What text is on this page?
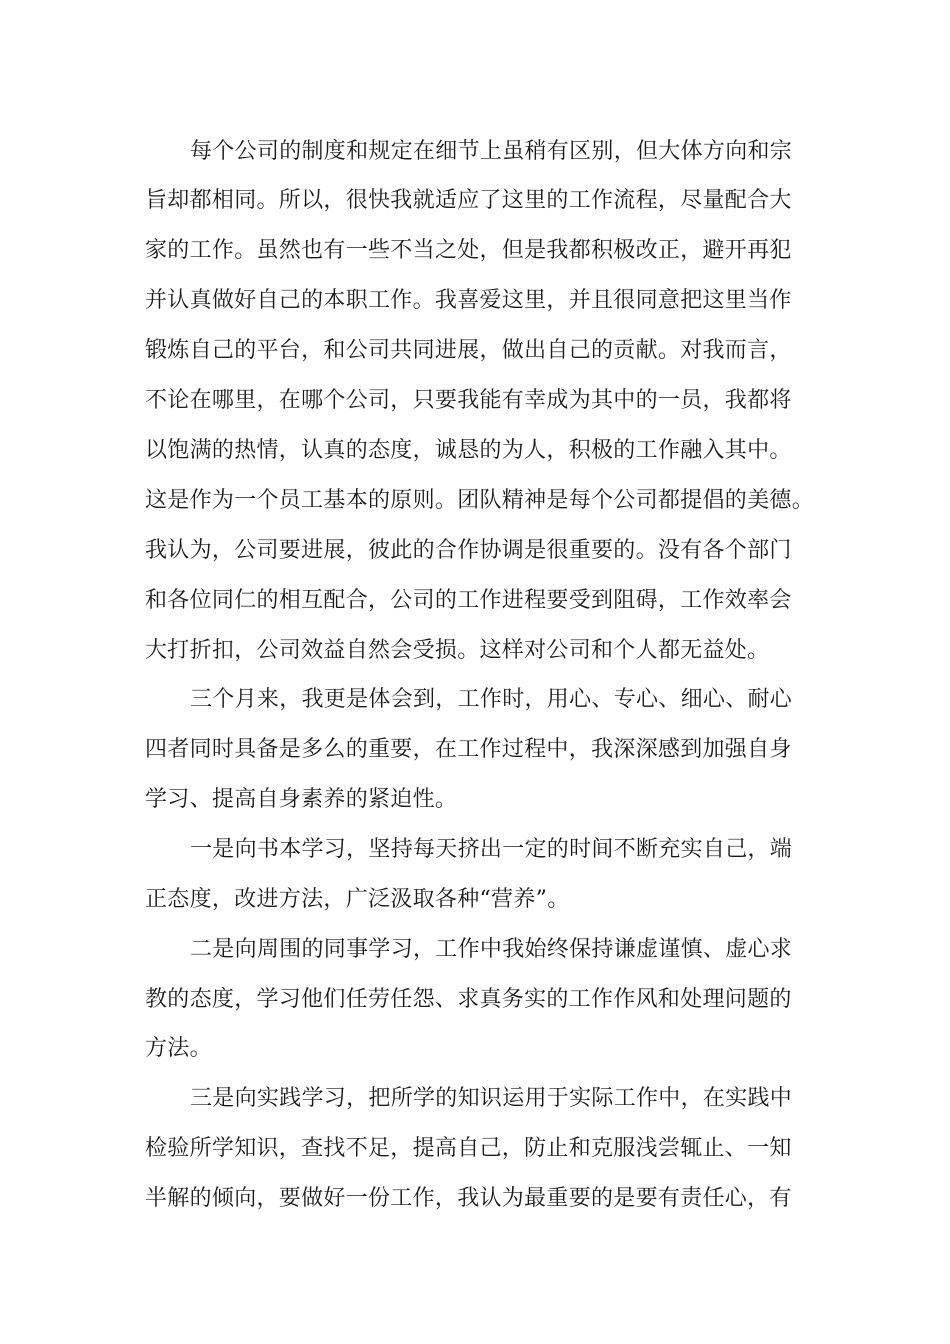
每个公司的制度和规定在细节上虽稍有区别，但大体方向和宗
旨却都相同。所以，很快我就适应了这里的工作流程，尽量配合大
家的工作。虽然也有一些不当之处，但是我都积极改正，避开再犯
并认真做好自己的本职工作。我喜爱这里，并且很同意把这里当作
锻炼自己的平台，和公司共同进展，做出自己的贡献。对我而言，
不论在哪里，在哪个公司，只要我能有幸成为其中的一员，我都将
以饱满的热情，认真的态度，诚恳的为人，积极的工作融入其中。
这是作为一个员工基本的原则。团队精神是每个公司都提倡的美德。
我认为，公司要进展，彼此的合作协调是很重要的。没有各个部门
和各位同仁的相互配合，公司的工作进程要受到阻碍，工作效率会
大打折扣，公司效益自然会受损。这样对公司和个人都无益处。
三个月来，我更是体会到，工作时，用心、专心、细心、耐心
四者同时具备是多么的重要，在工作过程中，我深深感到加强自身
学习、提高自身素养的紧迫性。
一是向书本学习，坚持每天挤出一定的时间不断充实自己，端
正态度，改进方法，广泛汲取各种“营养”。
二是向周围的同事学习，工作中我始终保持谦虚谨慎、虚心求
教的态度，学习他们任劳任怨、求真务实的工作作风和处理问题的
方法。
三是向实践学习，把所学的知识运用于实际工作中，在实践中
检验所学知识，查找不足，提高自己，防止和克服浅尝辄止、一知
半解的倾向，要做好一份工作，我认为最重要的是要有责任心，有
